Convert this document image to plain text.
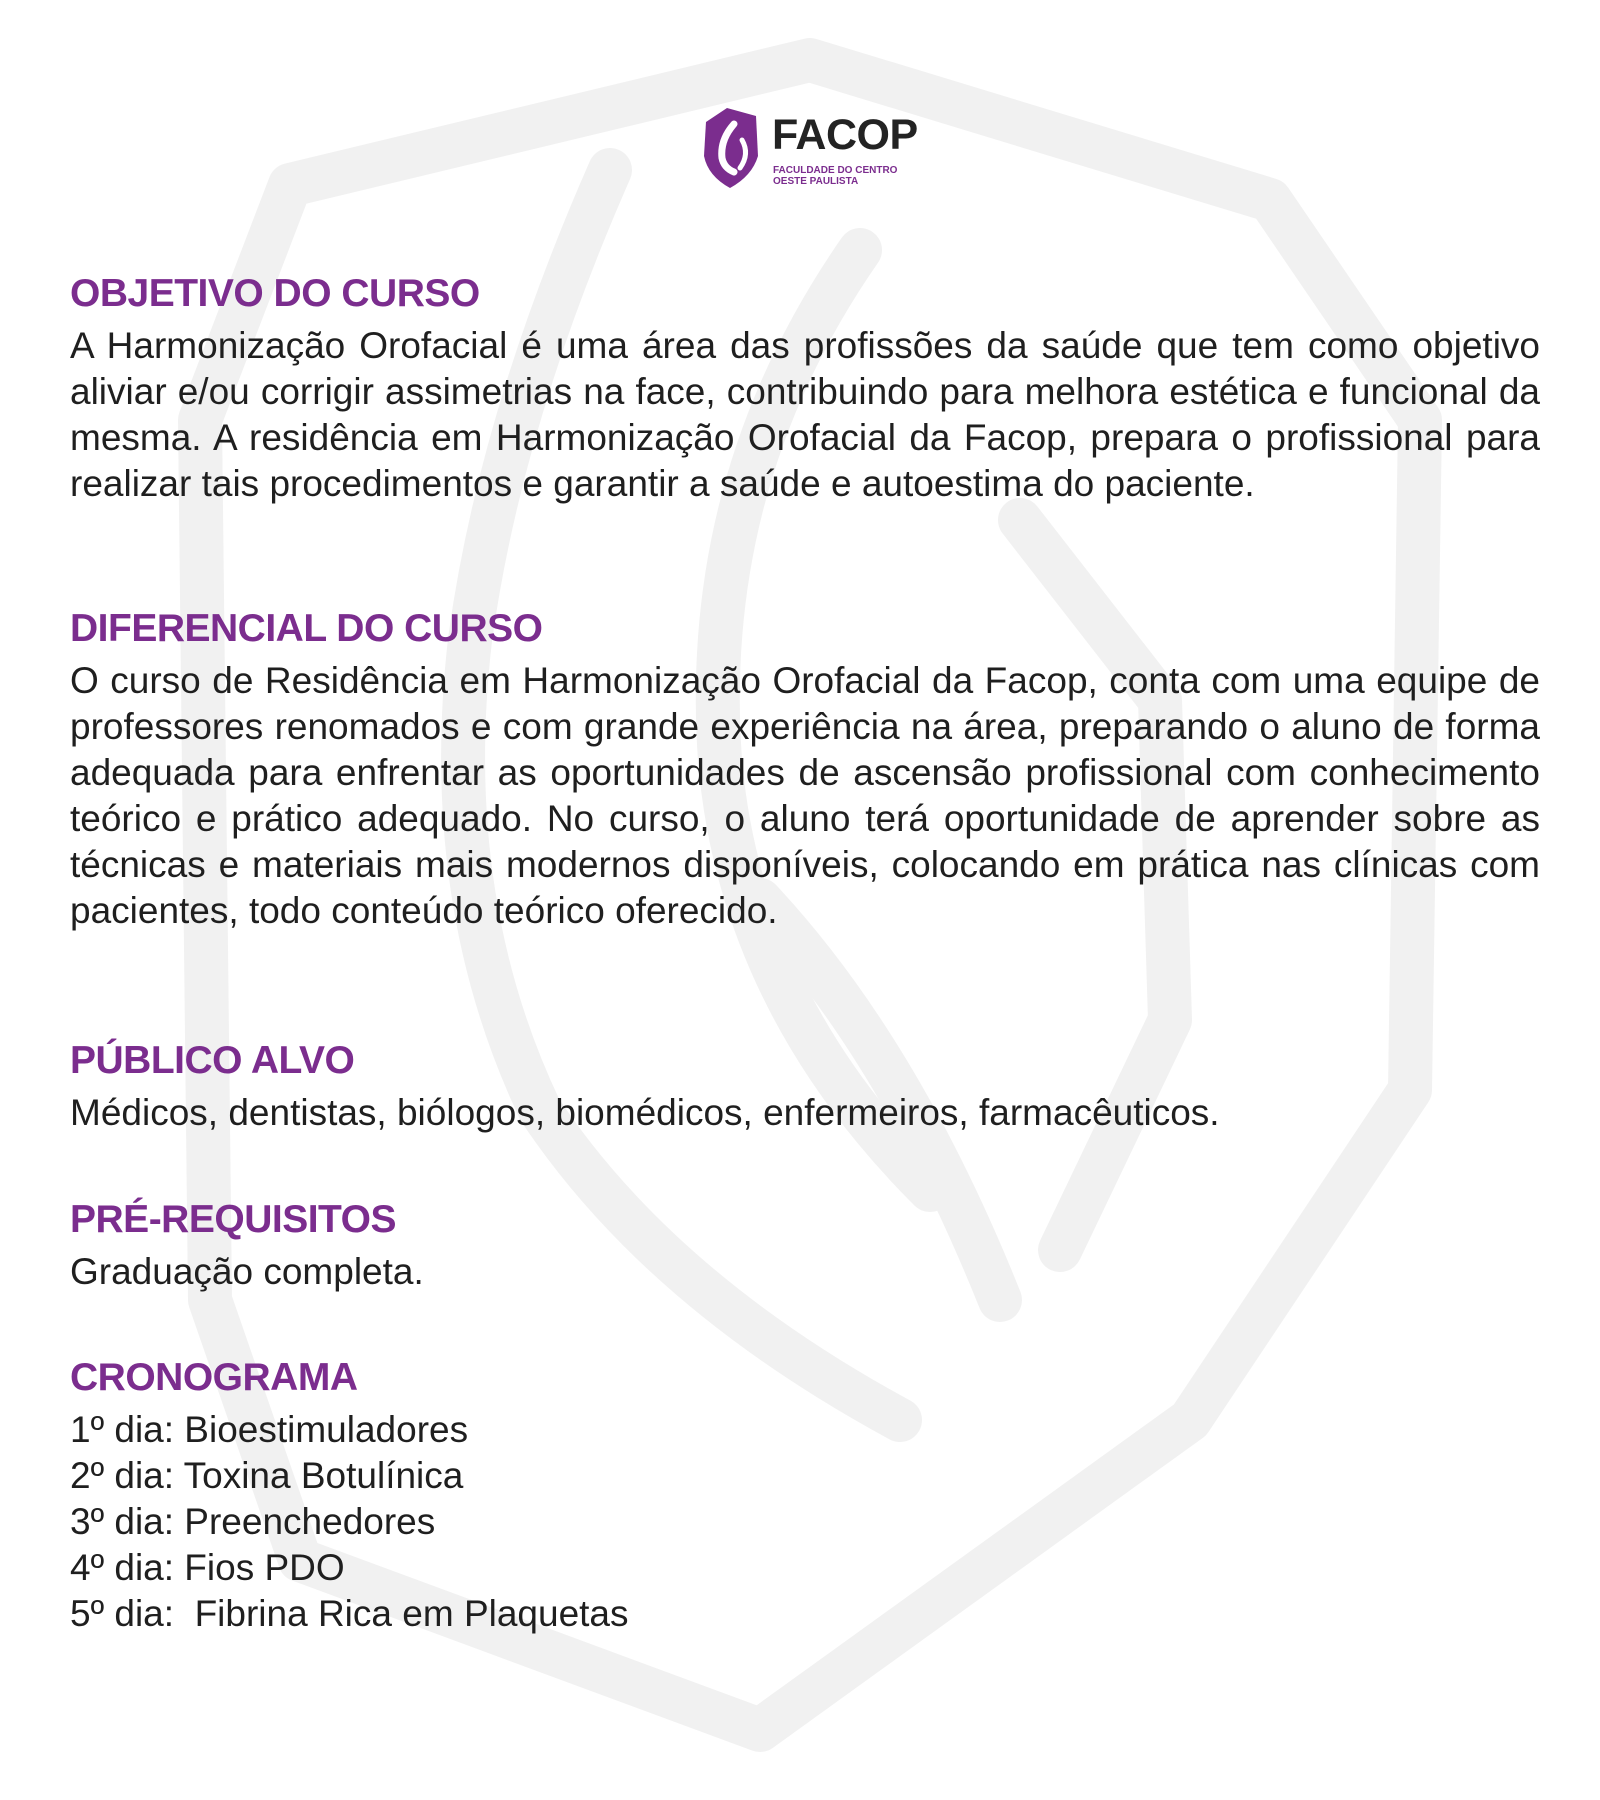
FACOP
FACULDADE DO CENTRO OESTE PAULISTA
OBJETIVO DO CURSO

A Harmonização Orofacial é uma área das profissões da saúde que tem como objetivo aliviar e/ou corrigir assimetrias na face, contribuindo para melhora estética e funcional da mesma. A residência em Harmonização Orofacial da Facop, prepara o profissional para realizar tais procedimentos e garantir a saúde e autoestima do paciente.

DIFERENCIAL DO CURSO

O curso de Residência em Harmonização Orofacial da Facop, conta com uma equipe de professores renomados e com grande experiência na área, preparando o aluno de forma adequada para enfrentar as oportunidades de ascensão profissional com conhecimento teórico e prático adequado. No curso, o aluno terá oportunidade de aprender sobre as técnicas e materiais mais modernos disponíveis, colocando em prática nas clínicas com pacientes, todo conteúdo teórico oferecido.

PÚBLICO ALVO

Médicos, dentistas, biólogos, biomédicos, enfermeiros, farmacêuticos.

PRÉ-REQUISITOS

Graduação completa.

CRONOGRAMA

1º dia: Bioestimuladores

2º dia: Toxina Botulínica

3º dia: Preenchedores

4º dia: Fios PDO

5º dia:  Fibrina Rica em Plaquetas
